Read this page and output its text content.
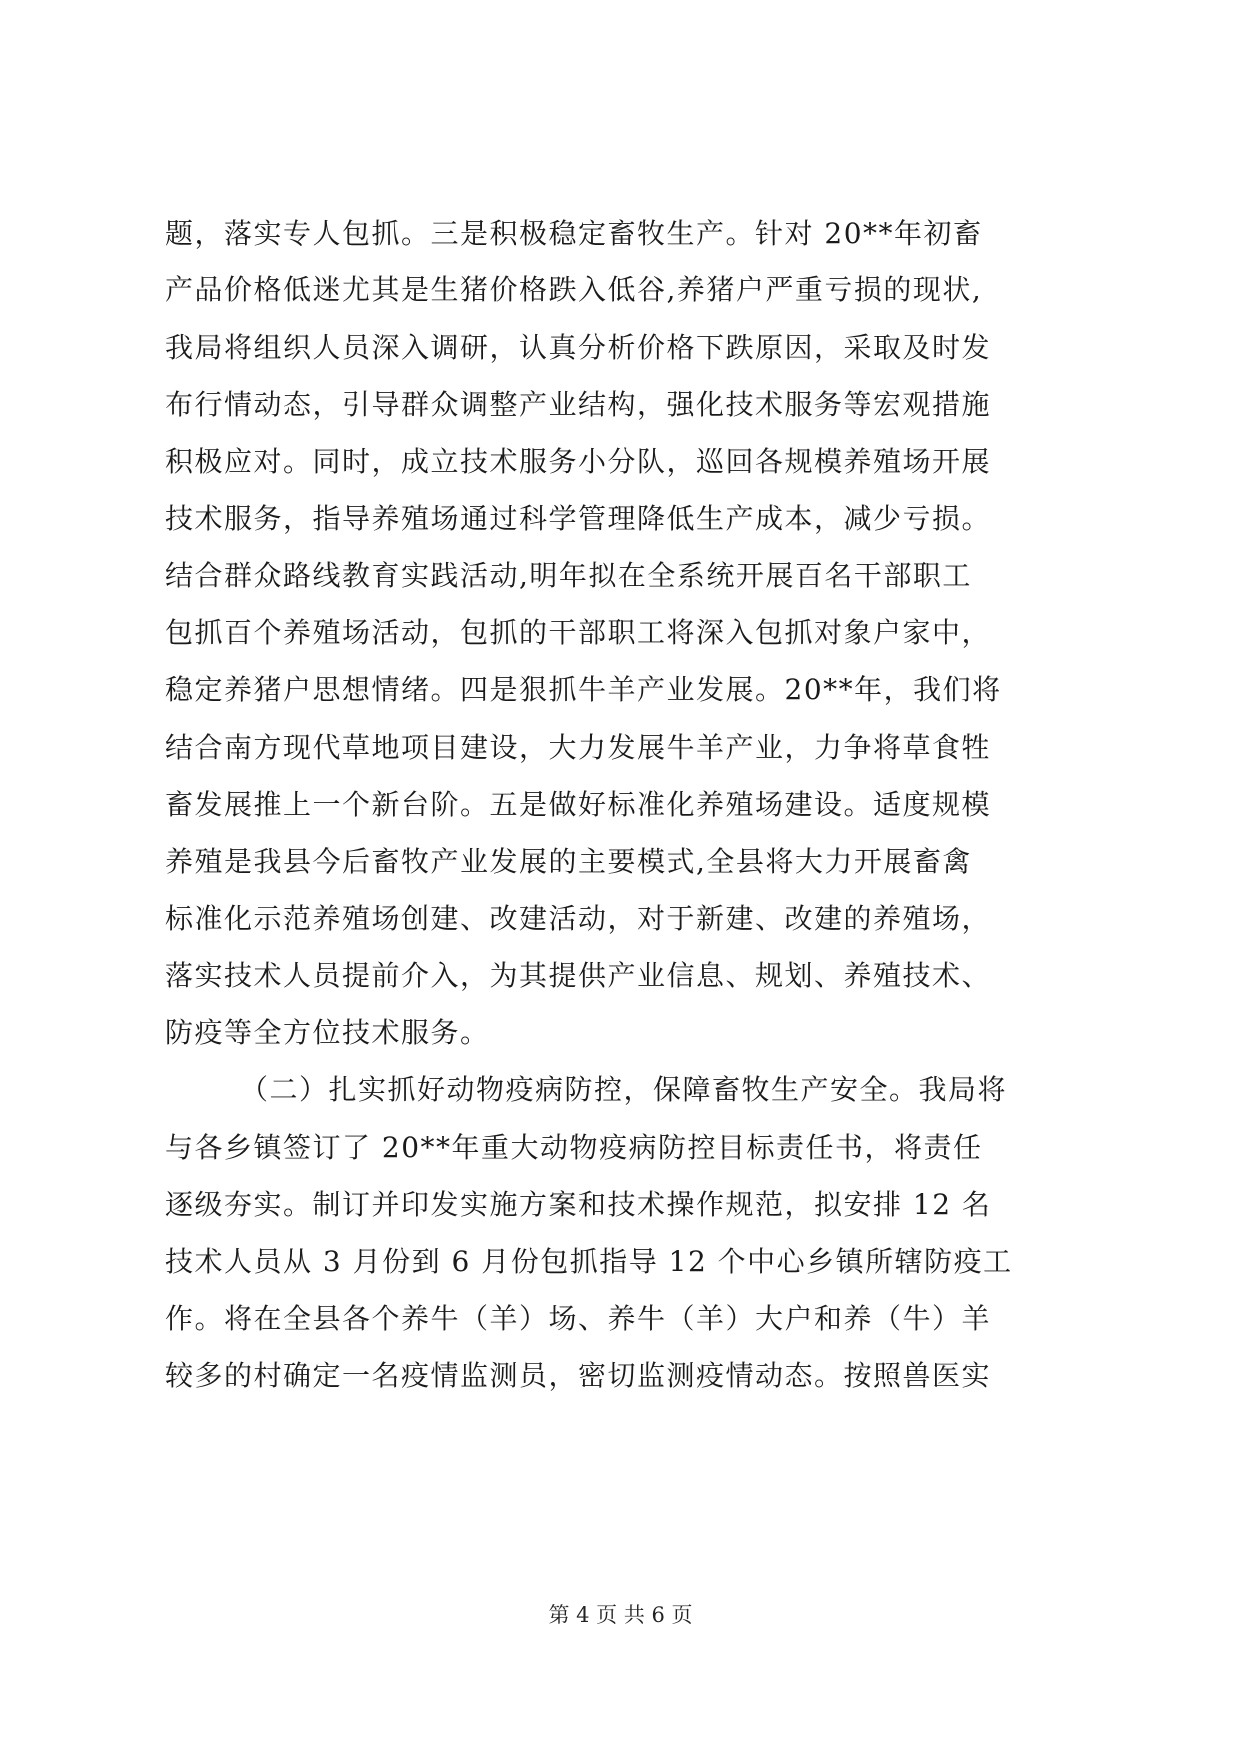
题，落实专人包抓。三是积极稳定畜牧生产。针对 20**年初畜
产品价格低迷尤其是生猪价格跌入低谷,养猪户严重亏损的现状,
我局将组织人员深入调研，认真分析价格下跌原因，采取及时发
布行情动态，引导群众调整产业结构，强化技术服务等宏观措施
积极应对。同时，成立技术服务小分队，巡回各规模养殖场开展
技术服务，指导养殖场通过科学管理降低生产成本，减少亏损。
结合群众路线教育实践活动,明年拟在全系统开展百名干部职工
包抓百个养殖场活动，包抓的干部职工将深入包抓对象户家中，
稳定养猪户思想情绪。四是狠抓牛羊产业发展。20**年，我们将
结合南方现代草地项目建设，大力发展牛羊产业，力争将草食牲
畜发展推上一个新台阶。五是做好标准化养殖场建设。适度规模
养殖是我县今后畜牧产业发展的主要模式,全县将大力开展畜禽
标准化示范养殖场创建、改建活动，对于新建、改建的养殖场，
落实技术人员提前介入，为其提供产业信息、规划、养殖技术、
防疫等全方位技术服务。
（二）扎实抓好动物疫病防控，保障畜牧生产安全。我局将
与各乡镇签订了 20**年重大动物疫病防控目标责任书，将责任
逐级夯实。制订并印发实施方案和技术操作规范，拟安排 12 名
技术人员从 3 月份到 6 月份包抓指导 12 个中心乡镇所辖防疫工
作。将在全县各个养牛（羊）场、养牛（羊）大户和养（牛）羊
较多的村确定一名疫情监测员，密切监测疫情动态。按照兽医实
第 4 页 共 6 页
